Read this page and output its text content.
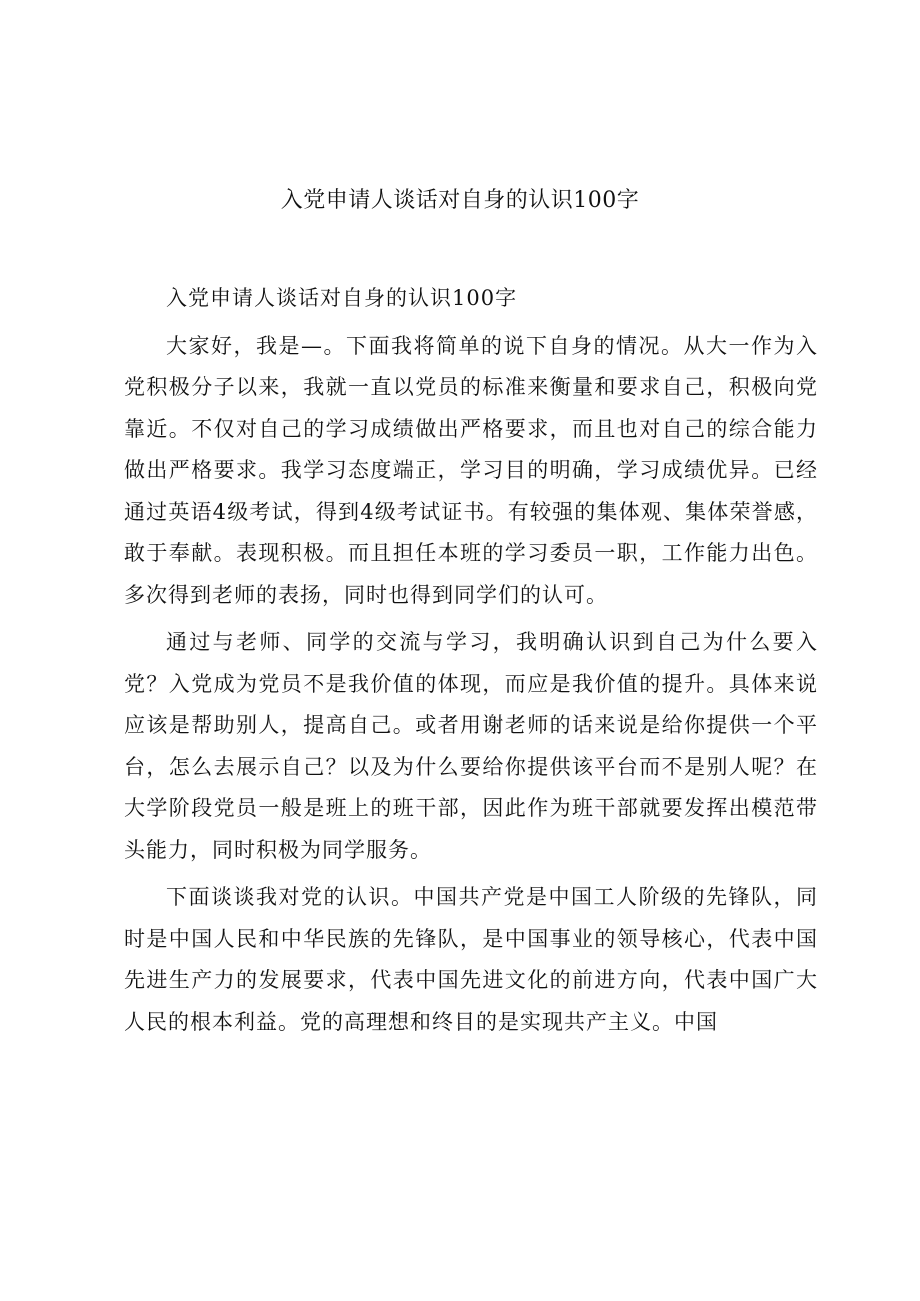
入党申请人谈话对自身的认识100字

入党申请人谈话对自身的认识100字

大家好，我是—。下面我将简单的说下自身的情况。从大一作为入党积极分子以来，我就一直以党员的标准来衡量和要求自己，积极向党靠近。不仅对自己的学习成绩做出严格要求，而且也对自己的综合能力做出严格要求。我学习态度端正，学习目的明确，学习成绩优异。已经通过英语4级考试，得到4级考试证书。有较强的集体观、集体荣誉感，敢于奉献。表现积极。而且担任本班的学习委员一职，工作能力出色。多次得到老师的表扬，同时也得到同学们的认可。

通过与老师、同学的交流与学习，我明确认识到自己为什么要入党？入党成为党员不是我价值的体现，而应是我价值的提升。具体来说应该是帮助别人，提高自己。或者用谢老师的话来说是给你提供一个平台，怎么去展示自己？以及为什么要给你提供该平台而不是别人呢？在大学阶段党员一般是班上的班干部，因此作为班干部就要发挥出模范带头能力，同时积极为同学服务。

下面谈谈我对党的认识。中国共产党是中国工人阶级的先锋队，同时是中国人民和中华民族的先锋队，是中国事业的领导核心，代表中国先进生产力的发展要求，代表中国先进文化的前进方向，代表中国广大人民的根本利益。党的高理想和终目的是实现共产主义。中国
